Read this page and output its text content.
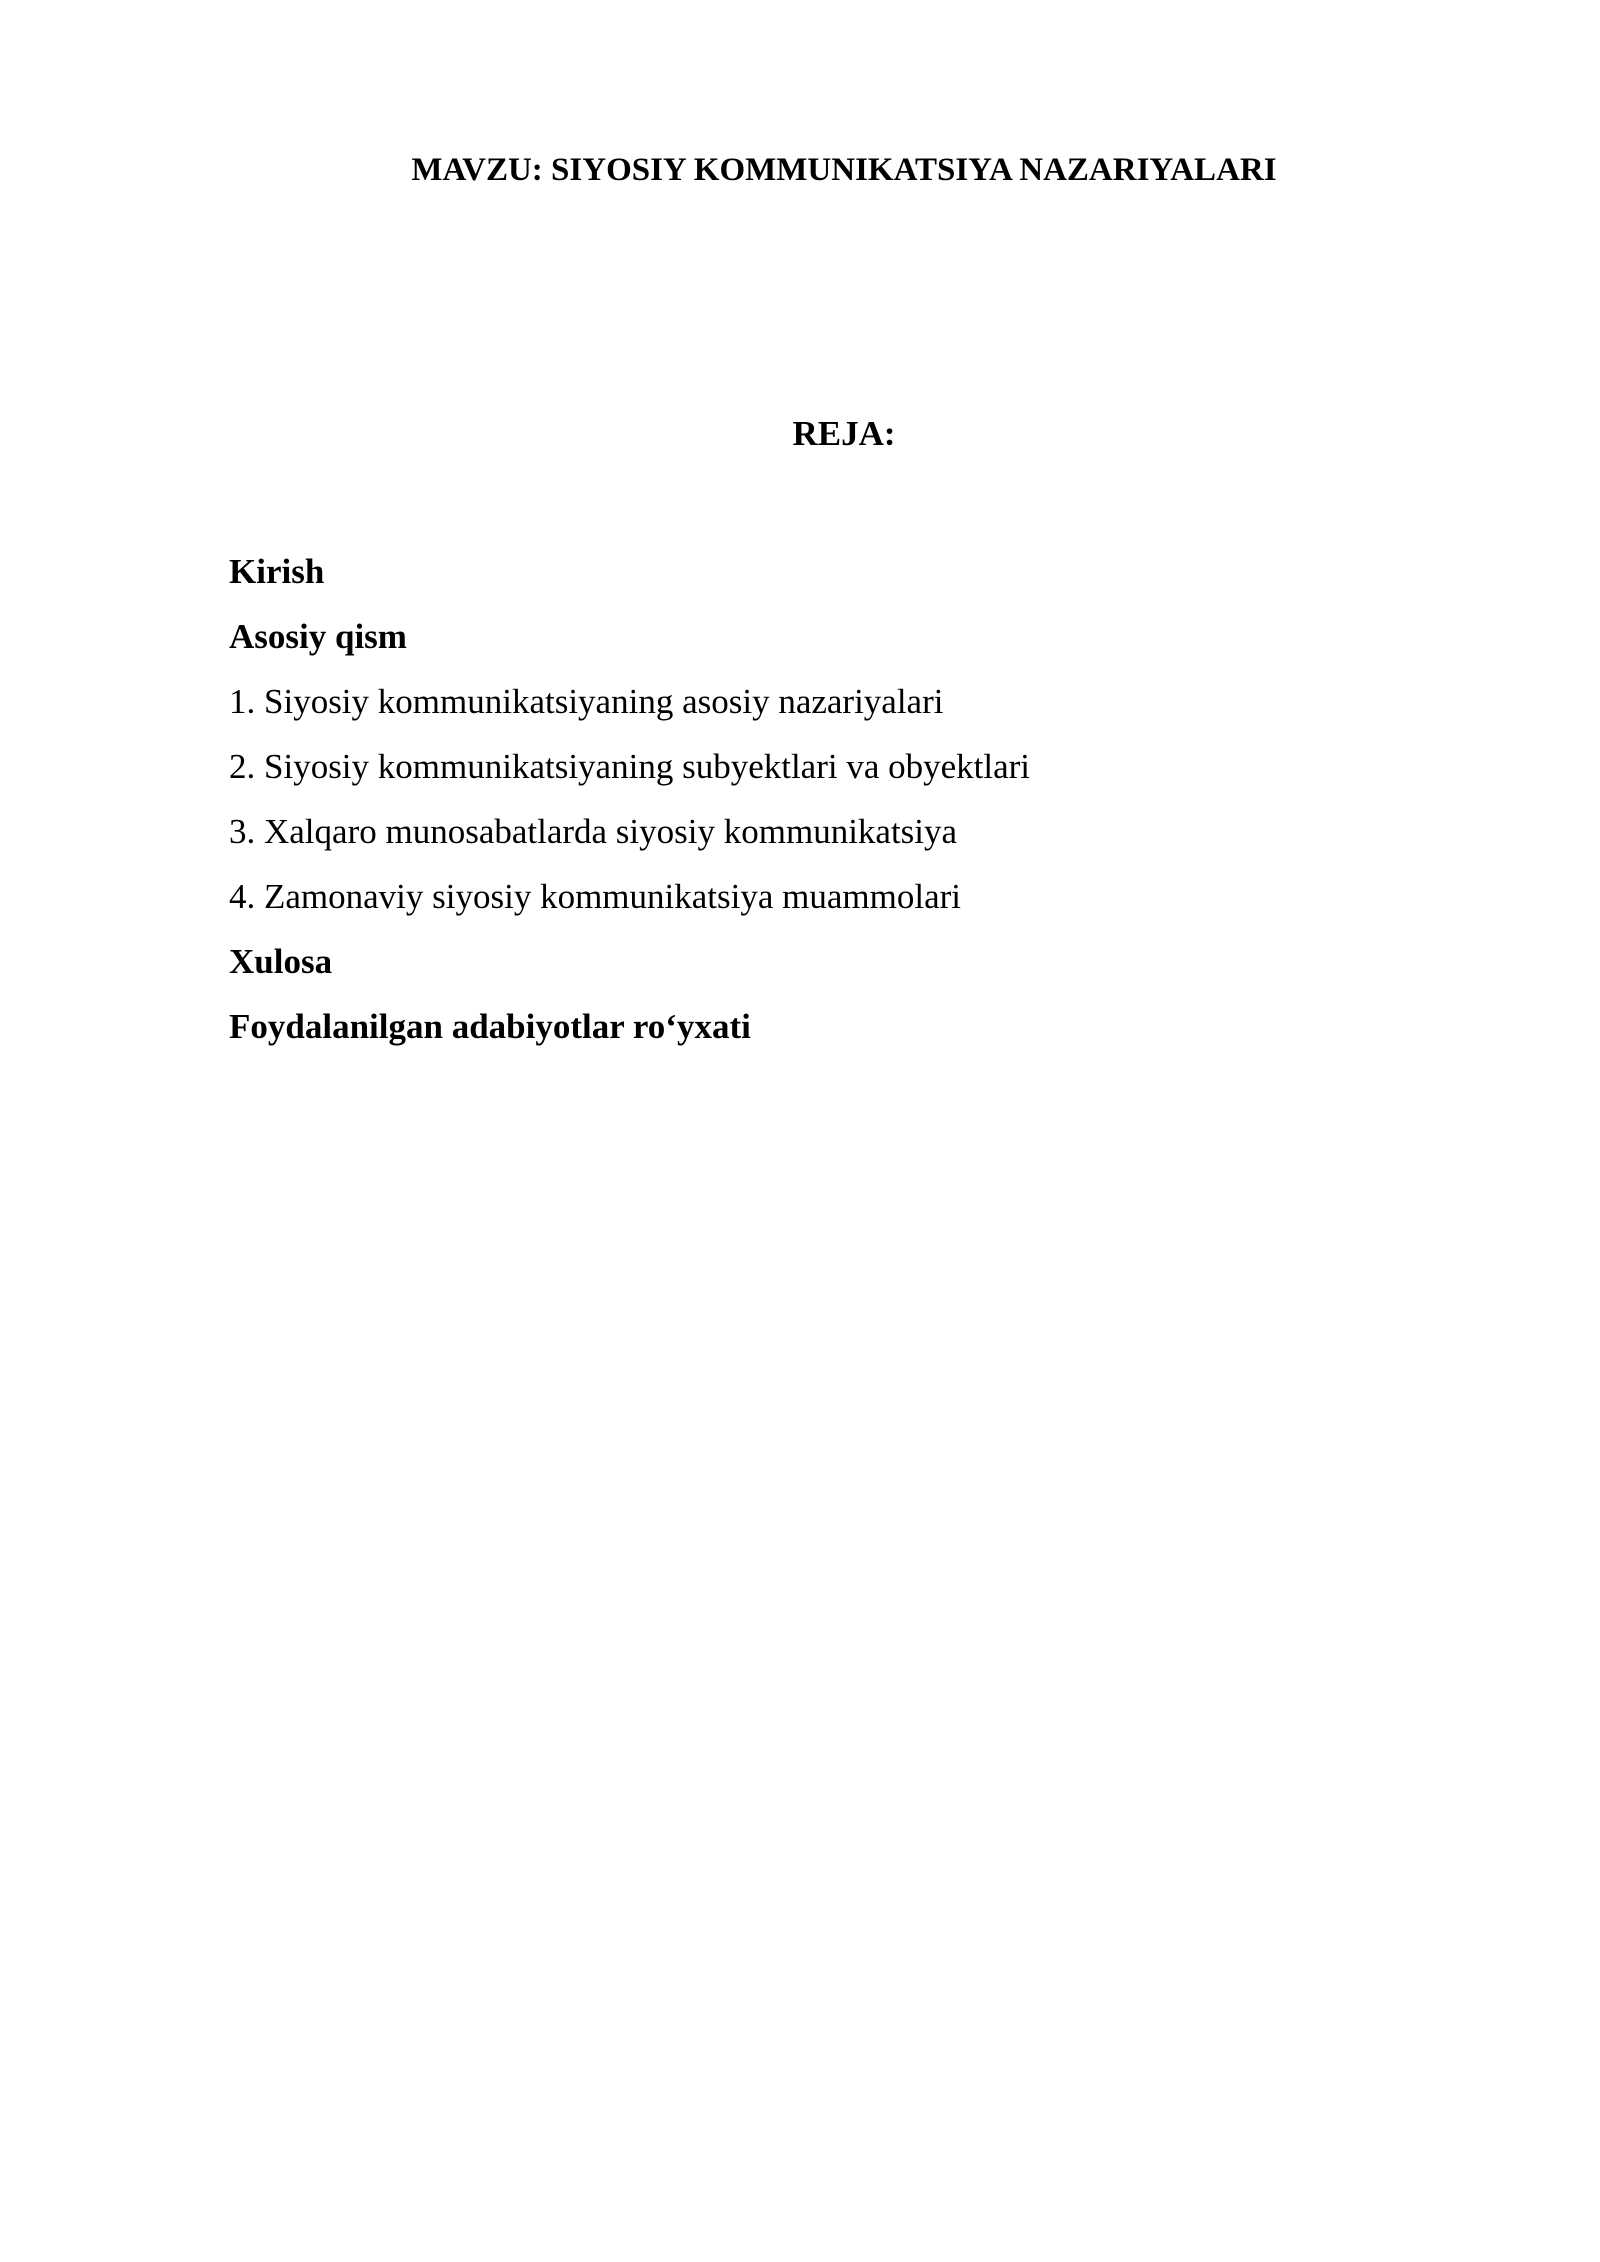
MAVZU: SIYOSIY KOMMUNIKATSIYA NAZARIYALARI
REJA:
Kirish
Asosiy qism
1. Siyosiy kommunikatsiyaning asosiy nazariyalari
2. Siyosiy kommunikatsiyaning subyektlari va obyektlari
3. Xalqaro munosabatlarda siyosiy kommunikatsiya
4. Zamonaviy siyosiy kommunikatsiya muammolari
Xulosa
Foydalanilgan adabiyotlar ro‘yxati
